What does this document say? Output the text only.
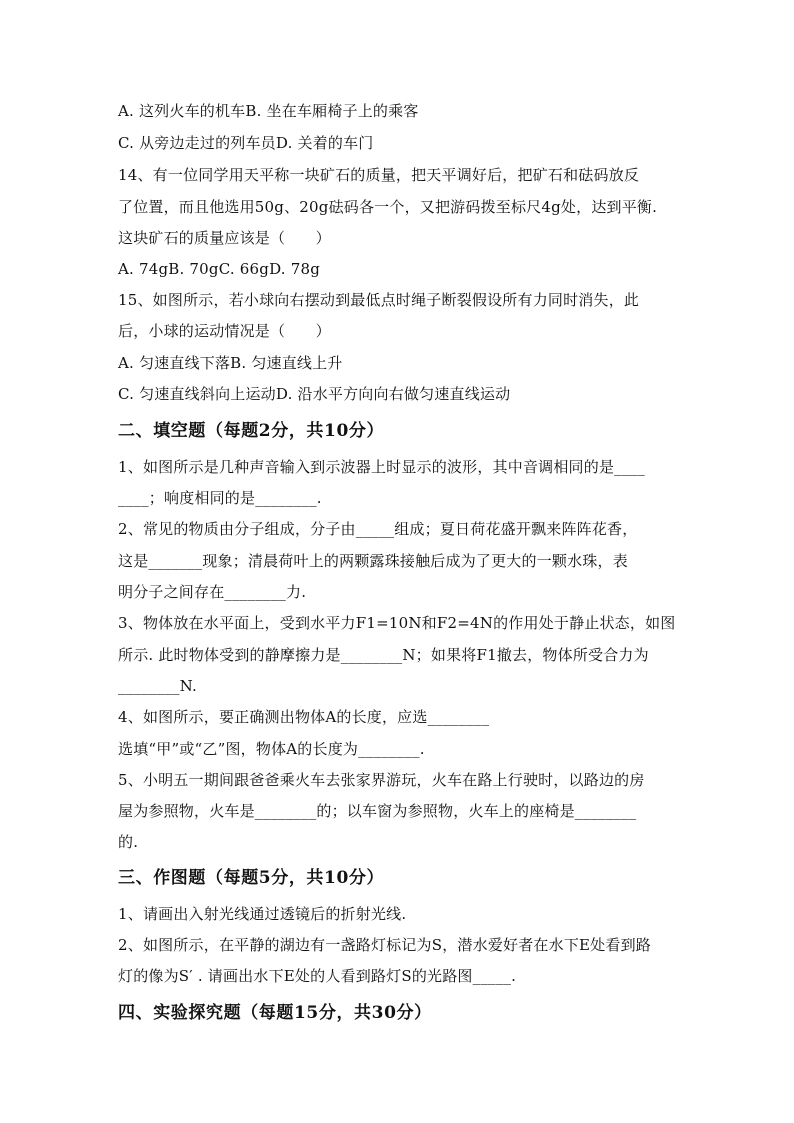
A. 这列火车的机车B. 坐在车厢椅子上的乘客
C. 从旁边走过的列车员D. 关着的车门
14、有一位同学用天平称一块矿石的质量，把天平调好后，把矿石和砝码放反
了位置，而且他选用50g、20g砝码各一个，又把游码拨至标尺4g处，达到平衡.
这块矿石的质量应该是（　　）
A. 74gB. 70gC. 66gD. 78g
15、如图所示，若小球向右摆动到最低点时绳子断裂假设所有力同时消失，此
后，小球的运动情况是（　　）
A. 匀速直线下落B. 匀速直线上升
C. 匀速直线斜向上运动D. 沿水平方向向右做匀速直线运动
二、填空题（每题2分，共10分）
1、如图所示是几种声音输入到示波器上时显示的波形，其中音调相同的是____
____；响度相同的是________.
2、常见的物质由分子组成，分子由_____组成；夏日荷花盛开飘来阵阵花香，
这是_______现象；清晨荷叶上的两颗露珠接触后成为了更大的一颗水珠，表
明分子之间存在________力.
3、物体放在水平面上，受到水平力F1=10N和F2=4N的作用处于静止状态，如图
所示. 此时物体受到的静摩擦力是________N；如果将F1撤去，物体所受合力为
________N.
4、如图所示，要正确测出物体A的长度，应选________
选填“甲”或“乙”图，物体A的长度为________.
5、小明五一期间跟爸爸乘火车去张家界游玩，火车在路上行驶时，以路边的房
屋为参照物，火车是________的；以车窗为参照物，火车上的座椅是________
的.
三、作图题（每题5分，共10分）
1、请画出入射光线通过透镜后的折射光线.
2、如图所示，在平静的湖边有一盏路灯标记为S，潜水爱好者在水下E处看到路
灯的像为S′ . 请画出水下E处的人看到路灯S的光路图_____.
四、实验探究题（每题15分，共30分）
